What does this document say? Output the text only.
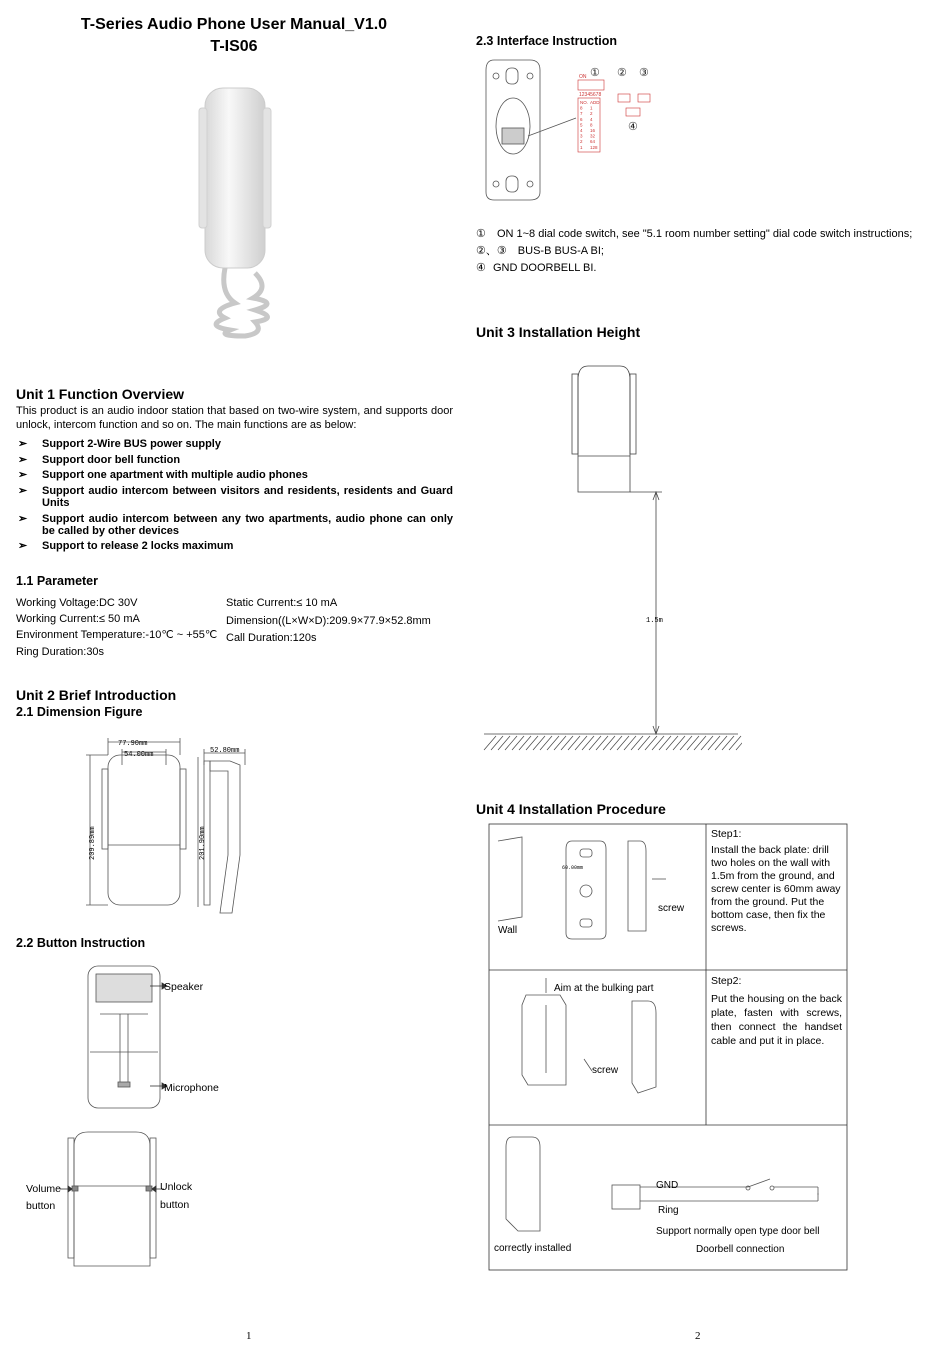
T-Series Audio Phone User Manual_V1.0
T-IS06
Unit 1 Function Overview
This product is an audio indoor station that based on two-wire system, and supports door unlock, intercom function and so on. The main functions are as below:
➢ Support 2-Wire BUS power supply
➢ Support door bell function
➢ Support one apartment with multiple audio phones
➢ Support audio intercom between visitors and residents, residents and Guard Units
➢ Support audio intercom between any two apartments, audio phone can only be called by other devices
➢ Support to release 2 locks maximum
1.1 Parameter
Working Voltage:DC 30V
Working Current:≤ 50 mA
Environment Temperature:-10℃ ~ +55℃
Ring Duration:30s
Static Current:≤ 10 mA
Dimension((L×W×D):209.9×77.9×52.8mm
Call Duration:120s
Unit 2 Brief Introduction
2.1 Dimension Figure
77.90mm
54.00mm	52.80mm
209.89mm	201.90mm
2.2 Button Instruction
Speaker
Microphone
Volume
button
Unlock
button
1
2.3 Interface Instruction
ON
12345678
NO. ADD
8 1
7 2
6 4
5 8
4 16
3 32
2 64
1 128
① ② ③
④
① ON 1~8 dial code switch, see "5.1 room number setting" dial code switch instructions;
②、③ BUS-B BUS-A BI;
④ GND DOORBELL BI.
Unit 3 Installation Height
1.5m
Unit 4 Installation Procedure
60.00mm
Wall
screw
Aim at the bulking part
screw
correctly installed
GND
Ring
Support normally open type door bell
Doorbell connection
Step1:
Install the back plate: drill two holes on the wall with 1.5m from the ground, and screw center is 60mm away from the ground. Put the bottom case, then fix the screws.
Step2:
Put the housing on the back plate, fasten with screws, then connect the handset cable and put it in place.
2
